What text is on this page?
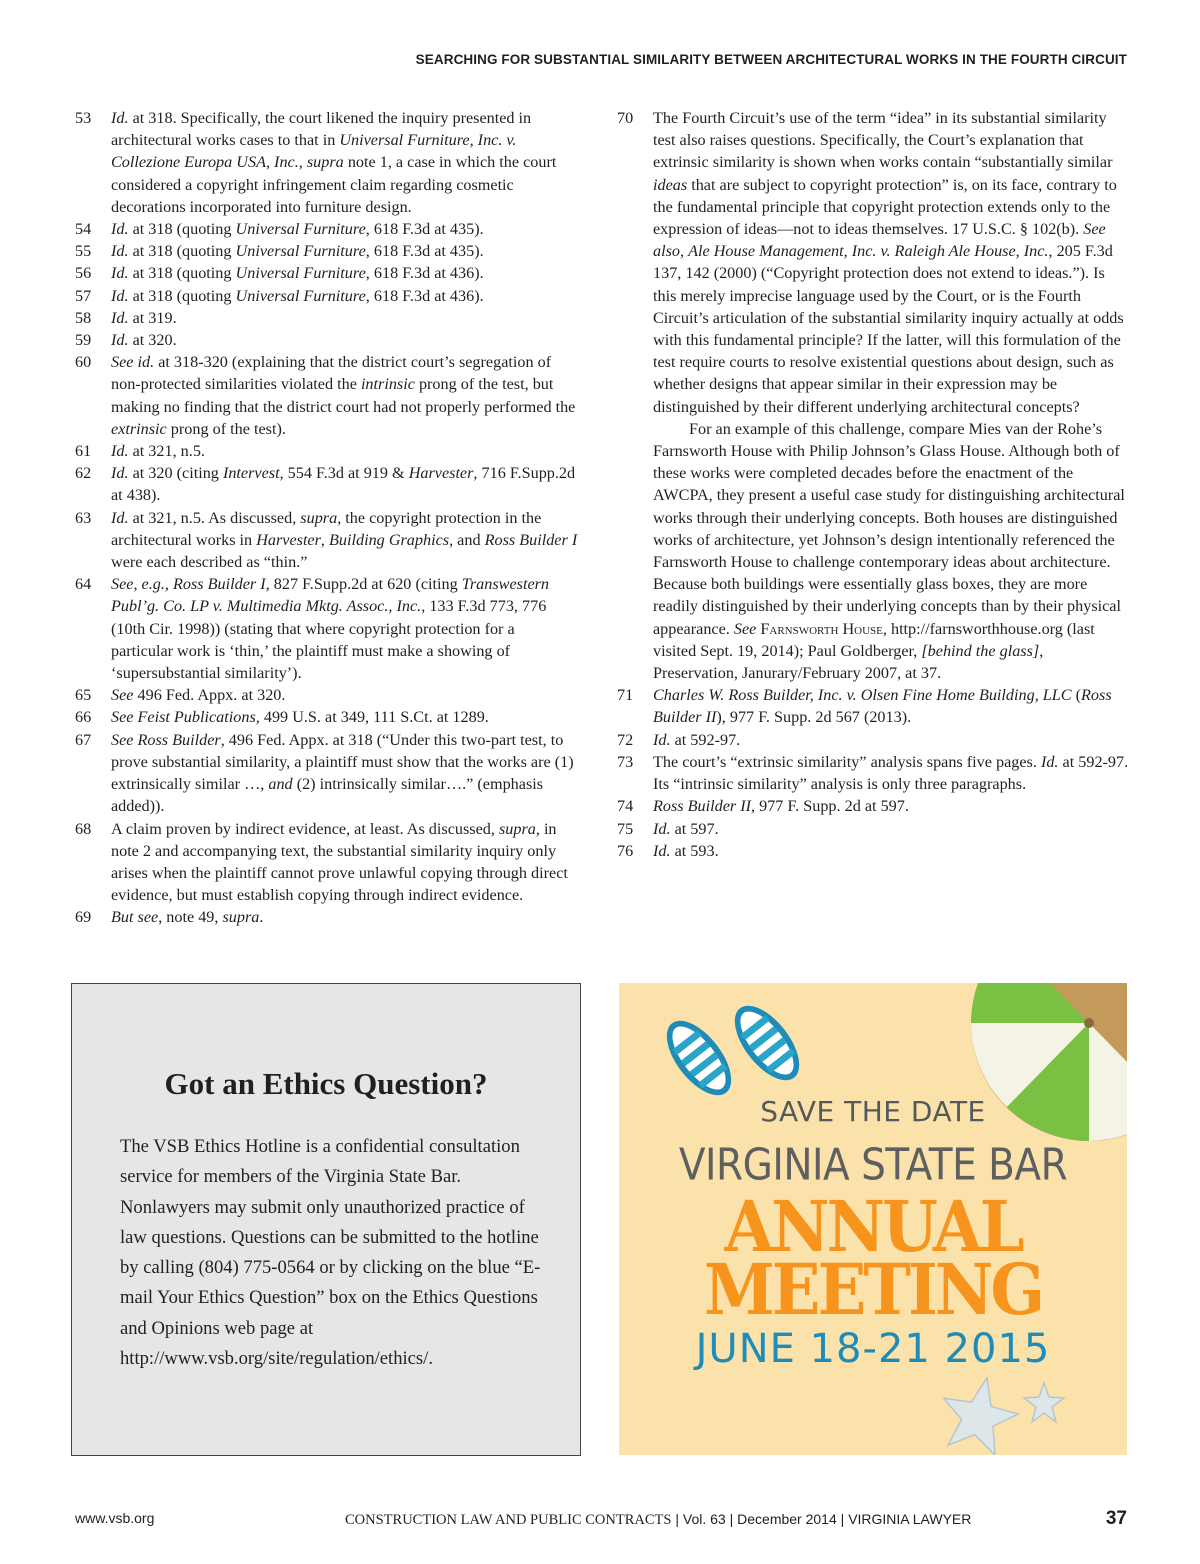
SEARCHING FOR SUBSTANTIAL SIMILARITY BETWEEN ARCHITECTURAL WORKS IN THE FOURTH CIRCUIT
53	Id. at 318. Specifically, the court likened the inquiry presented in architectural works cases to that in Universal Furniture, Inc. v. Collezione Europa USA, Inc., supra note 1, a case in which the court considered a copyright infringement claim regarding cosmetic decorations incorporated into furniture design.

54	Id. at 318 (quoting Universal Furniture, 618 F.3d at 435).

55	Id. at 318 (quoting Universal Furniture, 618 F.3d at 435).

56	Id. at 318 (quoting Universal Furniture, 618 F.3d at 436).

57	Id. at 318 (quoting Universal Furniture, 618 F.3d at 436).

58	Id. at 319.

59	Id. at 320.

60	See id. at 318-320 (explaining that the district court’s segregation of non-protected similarities violated the intrinsic prong of the test, but making no finding that the district court had not properly performed the extrinsic prong of the test).

61	Id. at 321, n.5.

62	Id. at 320 (citing Intervest, 554 F.3d at 919 & Harvester, 716 F.Supp.2d at 438).

63	Id. at 321, n.5. As discussed, supra, the copyright protection in the architectural works in Harvester, Building Graphics, and Ross Builder I were each described as “thin.”

64	See, e.g., Ross Builder I, 827 F.Supp.2d at 620 (citing Transwestern Publ’g. Co. LP v. Multimedia Mktg. Assoc., Inc., 133 F.3d 773, 776 (10th Cir. 1998)) (stating that where copyright protection for a particular work is ‘thin,’ the plaintiff must make a showing of ‘supersubstantial similarity’).

65	See 496 Fed. Appx. at 320.

66	See Feist Publications, 499 U.S. at 349, 111 S.Ct. at 1289.

67	See Ross Builder, 496 Fed. Appx. at 318 (“Under this two-part test, to prove substantial similarity, a plaintiff must show that the works are (1) extrinsically similar …, and (2) intrinsically similar….” (emphasis added)).

68	A claim proven by indirect evidence, at least. As discussed, supra, in note 2 and accompanying text, the substantial similarity inquiry only arises when the plaintiff cannot prove unlawful copying through direct evidence, but must establish copying through indirect evidence.

69	But see, note 49, supra.

70	The Fourth Circuit’s use of the term “idea” in its substantial similarity test also raises questions. Specifically, the Court’s explanation that extrinsic similarity is shown when works contain “substantially similar ideas that are subject to copyright protection” is, on its face, contrary to the fundamental principle that copyright protection extends only to the expression of ideas—not to ideas themselves. 17 U.S.C. § 102(b). See also, Ale House Management, Inc. v. Raleigh Ale House, Inc., 205 F.3d 137, 142 (2000) (“Copyright protection does not extend to ideas.”). Is this merely imprecise language used by the Court, or is the Fourth Circuit’s articulation of the substantial similarity inquiry actually at odds with this fundamental principle? If the latter, will this formulation of the test require courts to resolve existential questions about design, such as whether designs that appear similar in their expression may be distinguished by their different underlying architectural concepts?

For an example of this challenge, compare Mies van der Rohe’s Farnsworth House with Philip Johnson’s Glass House. Although both of these works were completed decades before the enactment of the AWCPA, they present a useful case study for distinguishing architectural works through their underlying concepts. Both houses are distinguished works of architecture, yet Johnson’s design intentionally referenced the Farnsworth House to challenge contemporary ideas about architecture. Because both buildings were essentially glass boxes, they are more readily distinguished by their underlying concepts than by their physical appearance. See Farnsworth House, http://farnsworthhouse.org (last visited Sept. 19, 2014); Paul Goldberger, [behind the glass], Preservation, Janurary/February 2007, at 37.

71	Charles W. Ross Builder, Inc. v. Olsen Fine Home Building, LLC (Ross Builder II), 977 F. Supp. 2d 567 (2013).

72	Id. at 592-97.

73	The court’s “extrinsic similarity” analysis spans five pages. Id. at 592-97. Its “intrinsic similarity” analysis is only three paragraphs.

74	Ross Builder II, 977 F. Supp. 2d at 597.

75	Id. at 597.

76	Id. at 593.

Got an Ethics Question?
The VSB Ethics Hotline is a confidential consultation service for members of the Virginia State Bar. Nonlawyers may submit only unauthorized practice of law questions. Questions can be submitted to the hotline by calling (804) 775-0564 or by clicking on the blue “E-mail Your Ethics Question” box on the Ethics Questions and Opinions web page at http://www.vsb.org/site/regulation/ethics/.
SAVE THE DATE
VIRGINIA STATE BAR
ANNUAL
MEETING
JUNE 18-21 2015
www.vsb.org	CONSTRUCTION LAW AND PUBLIC CONTRACTS | Vol. 63 | December 2014 | VIRGINIA LAWYER	37
